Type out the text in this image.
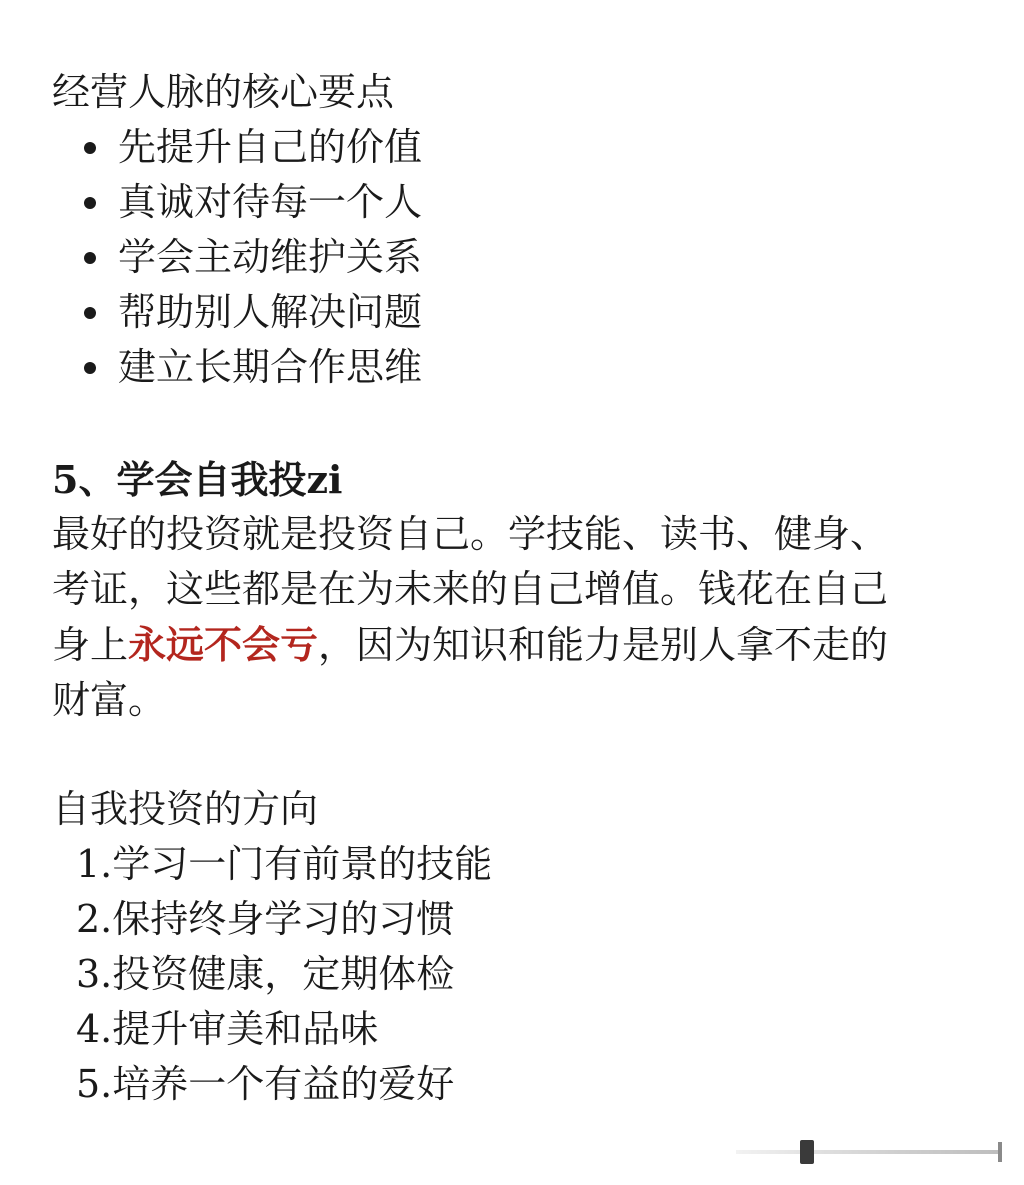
经营人脉的核心要点
先提升自己的价值
真诚对待每一个人
学会主动维护关系
帮助别人解决问题
建立长期合作思维
5、学会自我投zi

最好的投资就是投资自己。学技能、读书、健身、
考证，这些都是在为未来的自己增值。钱花在自己
身上永远不会亏，因为知识和能力是别人拿不走的
财富。

自我投资的方向
1.学习一门有前景的技能
2.保持终身学习的习惯
3.投资健康，定期体检
4.提升审美和品味
5.培养一个有益的爱好
